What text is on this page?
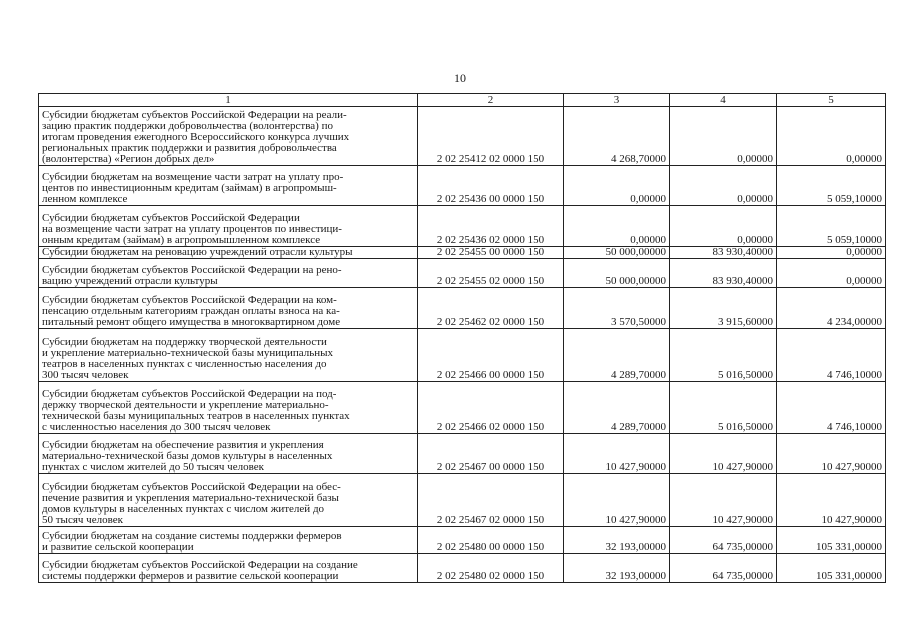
10
1	2	3	4	5
Субсидии бюджетам субъектов Российской Федерации на реали-
зацию практик поддержки добровольчества (волонтерства) по
итогам проведения ежегодного Всероссийского конкурса лучших
региональных практик поддержки и развития добровольчества
(волонтерства) «Регион добрых дел»	2 02 25412 02 0000 150	4 268,70000	0,00000	0,00000
Субсидии бюджетам на возмещение части затрат на уплату про-
центов по инвестиционным кредитам (займам) в агропромыш-
ленном комплексе	2 02 25436 00 0000 150	0,00000	0,00000	5 059,10000
Субсидии бюджетам субъектов Российской Федерации
на возмещение части затрат на уплату процентов по инвестици-
онным кредитам (займам) в агропромышленном комплексе	2 02 25436 02 0000 150	0,00000	0,00000	5 059,10000
Субсидии бюджетам на реновацию учреждений отрасли культуры	2 02 25455 00 0000 150	50 000,00000	83 930,40000	0,00000
Субсидии бюджетам субъектов Российской Федерации на рено-
вацию учреждений отрасли культуры	2 02 25455 02 0000 150	50 000,00000	83 930,40000	0,00000
Субсидии бюджетам субъектов Российской Федерации на ком-
пенсацию отдельным категориям граждан оплаты взноса на ка-
питальный ремонт общего имущества в многоквартирном доме	2 02 25462 02 0000 150	3 570,50000	3 915,60000	4 234,00000
Субсидии бюджетам на поддержку творческой деятельности
и укрепление материально-технической базы муниципальных
театров в населенных пунктах с численностью населения до
300 тысяч человек	2 02 25466 00 0000 150	4 289,70000	5 016,50000	4 746,10000
Субсидии бюджетам субъектов Российской Федерации на под-
держку творческой деятельности и укрепление материально-
технической базы муниципальных театров в населенных пунктах
с численностью населения до 300 тысяч человек	2 02 25466 02 0000 150	4 289,70000	5 016,50000	4 746,10000
Субсидии бюджетам на обеспечение развития и укрепления
материально-технической базы домов культуры в населенных
пунктах с числом жителей до 50 тысяч человек	2 02 25467 00 0000 150	10 427,90000	10 427,90000	10 427,90000
Субсидии бюджетам субъектов Российской Федерации на обес-
печение развития и укрепления материально-технической базы
домов культуры в населенных пунктах с числом жителей до
50 тысяч человек	2 02 25467 02 0000 150	10 427,90000	10 427,90000	10 427,90000
Субсидии бюджетам на создание системы поддержки фермеров
и развитие сельской кооперации	2 02 25480 00 0000 150	32 193,00000	64 735,00000	105 331,00000
Субсидии бюджетам субъектов Российской Федерации на создание
системы поддержки фермеров и развитие сельской кооперации	2 02 25480 02 0000 150	32 193,00000	64 735,00000	105 331,00000
